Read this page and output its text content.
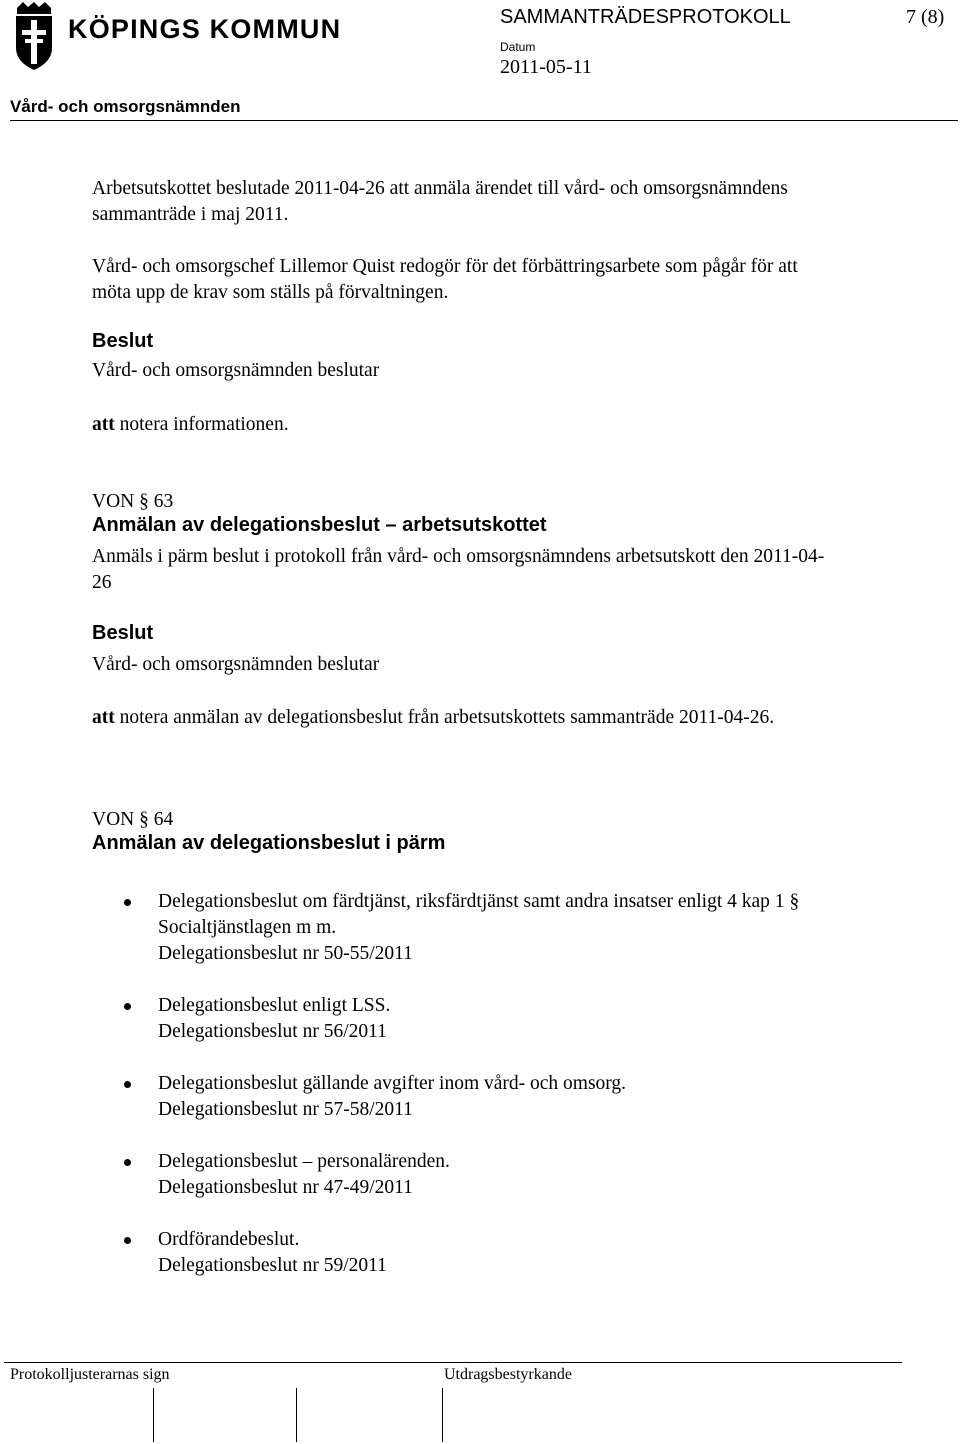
KÖPINGS KOMMUN	SAMMANTRÄDESPROTOKOLL	7 (8)
Datum
2011-05-11
Vård- och omsorgsnämnden
Arbetsutskottet beslutade 2011-04-26 att anmäla ärendet till vård- och omsorgsnämndens sammanträde i maj 2011.
Vård- och omsorgschef Lillemor Quist redogör för det förbättringsarbete som pågår för att möta upp de krav som ställs på förvaltningen.
Beslut
Vård- och omsorgsnämnden beslutar
att notera informationen.
VON § 63
Anmälan av delegationsbeslut – arbetsutskottet
Anmäls i pärm beslut i protokoll från vård- och omsorgsnämndens arbetsutskott den 2011-04-26
Beslut
Vård- och omsorgsnämnden beslutar
att notera anmälan av delegationsbeslut från arbetsutskottets sammanträde 2011-04-26.
VON § 64
Anmälan av delegationsbeslut i pärm
Delegationsbeslut om färdtjänst, riksfärdtjänst samt andra insatser enligt 4 kap 1 § Socialtjänstlagen m m.
Delegationsbeslut nr 50-55/2011
Delegationsbeslut enligt LSS.
Delegationsbeslut nr 56/2011
Delegationsbeslut gällande avgifter inom vård- och omsorg.
Delegationsbeslut nr 57-58/2011
Delegationsbeslut – personalärenden.
Delegationsbeslut nr 47-49/2011
Ordförandebeslut.
Delegationsbeslut nr 59/2011
Protokolljusterarnas sign	Utdragsbestyrkande
